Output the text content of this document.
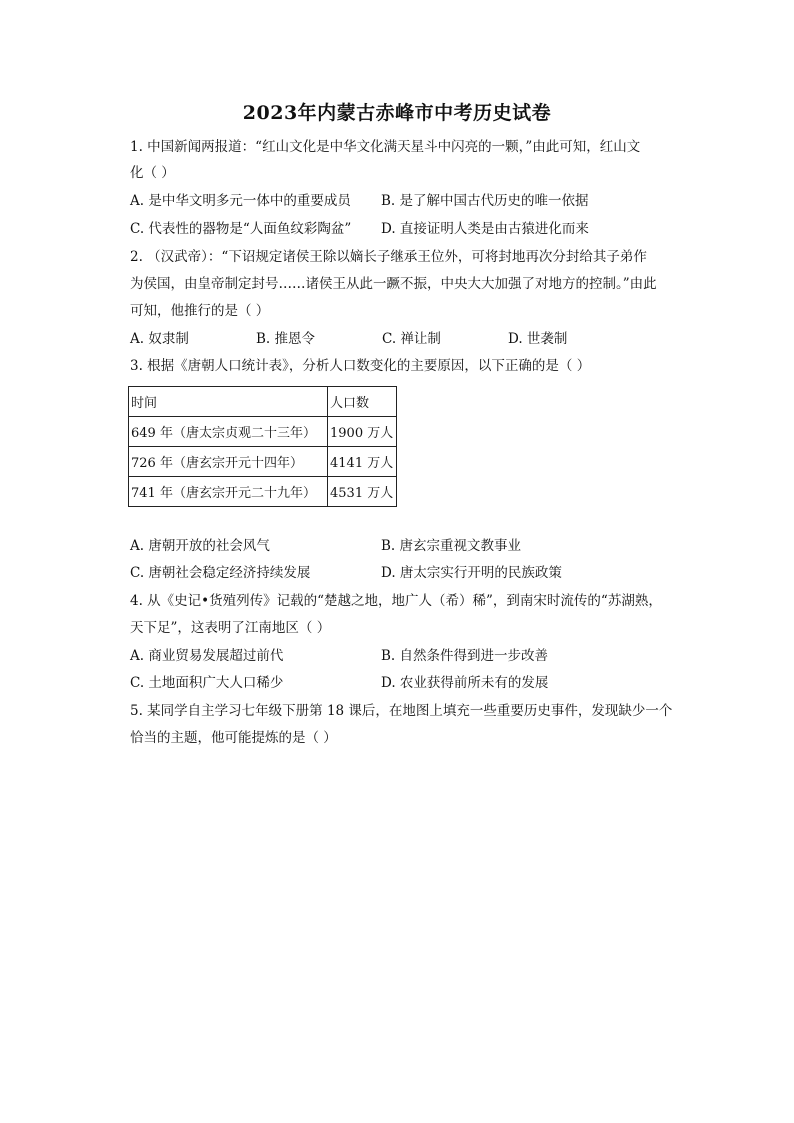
2023年内蒙古赤峰市中考历史试卷
1. 中国新闻两报道：“红山文化是中华文化满天星斗中闪亮的一颗，”由此可知，红山文
化（ ）
A. 是中华文明多元一体中的重要成员 B. 是了解中国古代历史的唯一依据
C. 代表性的器物是“人面鱼纹彩陶盆” D. 直接证明人类是由古猿进化而来
2. （汉武帝）：“下诏规定诸侯王除以嫡长子继承王位外，可将封地再次分封给其子弟作
为侯国，由皇帝制定封号……诸侯王从此一蹶不振，中央大大加强了对地方的控制。”由此
可知，他推行的是（ ）
A. 奴隶制	B. 推恩令	C. 禅让制	D. 世袭制
3. 根据《唐朝人口统计表》，分析人口数变化的主要原因，以下正确的是（ ）
时间	人口数
649 年（唐太宗贞观二十三年）	1900 万人
726 年（唐玄宗开元十四年）	4141 万人
741 年（唐玄宗开元二十九年）	4531 万人
A. 唐朝开放的社会风气	B. 唐玄宗重视文教事业
C. 唐朝社会稳定经济持续发展	D. 唐太宗实行开明的民族政策
4. 从《史记•货殖列传》记载的“楚越之地，地广人（希）稀”，到南宋时流传的“苏湖熟，
天下足”，这表明了江南地区（ ）
A. 商业贸易发展超过前代	B. 自然条件得到进一步改善
C. 土地面积广大人口稀少	D. 农业获得前所未有的发展
5. 某同学自主学习七年级下册第 18 课后，在地图上填充一些重要历史事件，发现缺少一个
恰当的主题，他可能提炼的是（ ）
